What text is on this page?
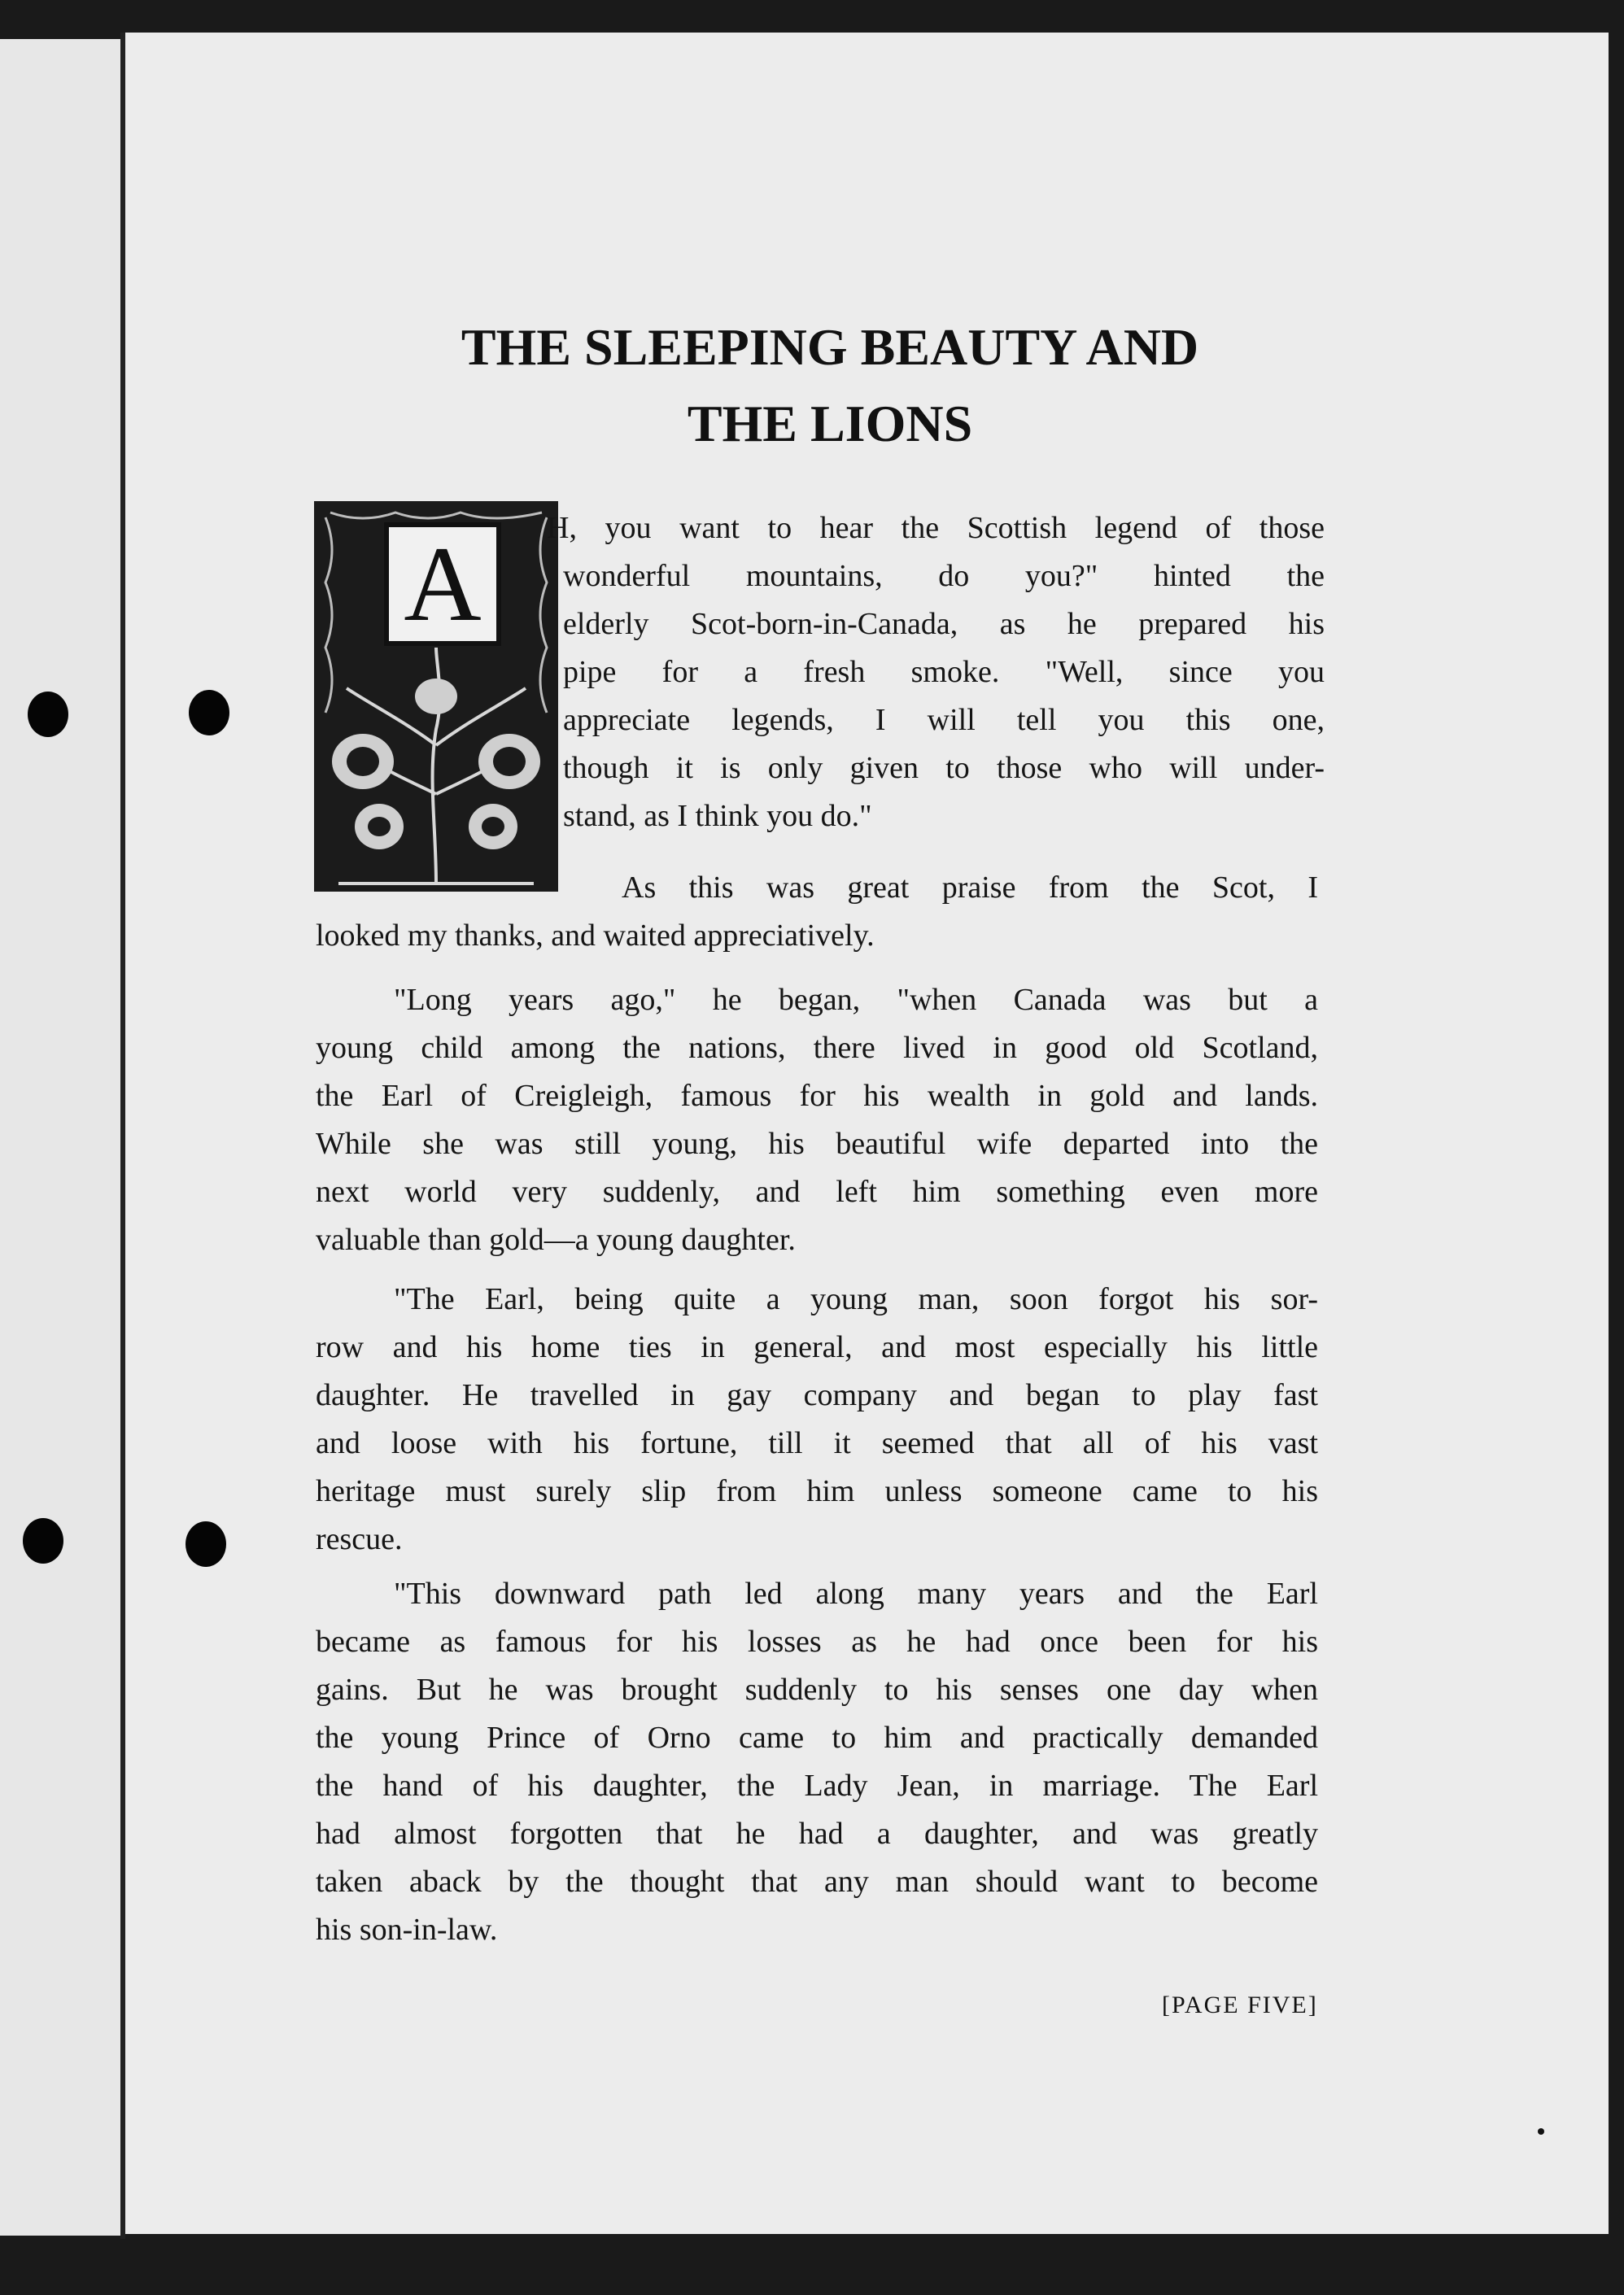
THE SLEEPING BEAUTY AND
THE LIONS
A H, you want to hear the Scottish legend of those
wonderful mountains, do you?" hinted the
elderly Scot-born-in-Canada, as he prepared his
pipe for a fresh smoke. "Well, since you
appreciate legends, I will tell you this one,
though it is only given to those who will under-
stand, as I think you do."
As this was great praise from the Scot, I
looked my thanks, and waited appreciatively.
"Long years ago," he began, "when Canada was but a
young child among the nations, there lived in good old Scotland,
the Earl of Creigleigh, famous for his wealth in gold and lands.
While she was still young, his beautiful wife departed into the
next world very suddenly, and left him something even more
valuable than gold—a young daughter.
"The Earl, being quite a young man, soon forgot his sor-
row and his home ties in general, and most especially his little
daughter. He travelled in gay company and began to play fast
and loose with his fortune, till it seemed that all of his vast
heritage must surely slip from him unless someone came to his
rescue.
"This downward path led along many years and the Earl
became as famous for his losses as he had once been for his
gains. But he was brought suddenly to his senses one day when
the young Prince of Orno came to him and practically demanded
the hand of his daughter, the Lady Jean, in marriage. The Earl
had almost forgotten that he had a daughter, and was greatly
taken aback by the thought that any man should want to become
his son-in-law.
[PAGE FIVE]
